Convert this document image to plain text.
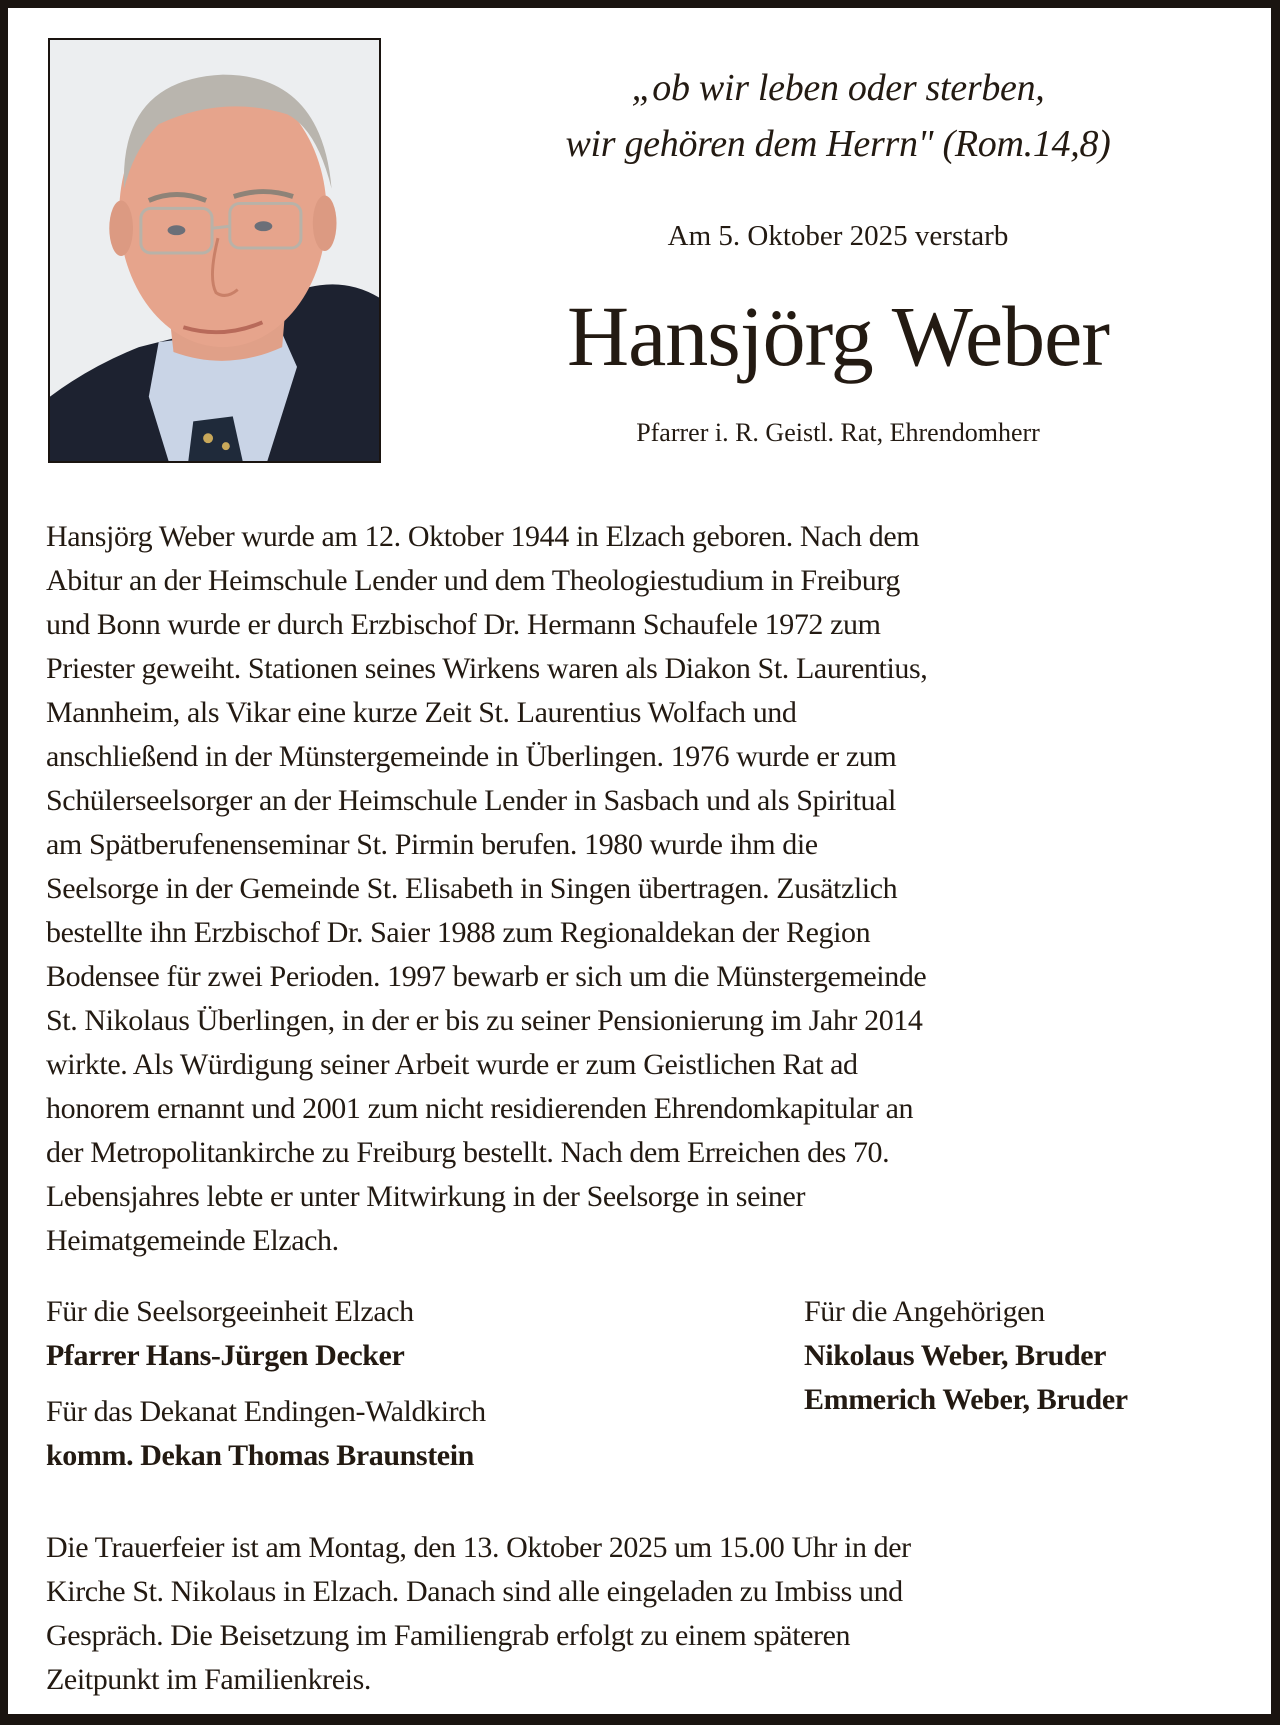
„ob wir leben oder sterben,
wir gehören dem Herrn" (Rom.14,8)
Am 5. Oktober 2025 verstarb
Hansjörg Weber
Pfarrer i. R. Geistl. Rat, Ehrendomherr

Hansjörg Weber wurde am 12. Oktober 1944 in Elzach geboren. Nach dem

Abitur an der Heimschule Lender und dem Theologiestudium in Freiburg

und Bonn wurde er durch Erzbischof Dr. Hermann Schaufele 1972 zum

Priester geweiht. Stationen seines Wirkens waren als Diakon St. Laurentius,

Mannheim, als Vikar eine kurze Zeit St. Laurentius Wolfach und

anschließend in der Münstergemeinde in Überlingen. 1976 wurde er zum

Schülerseelsorger an der Heimschule Lender in Sasbach und als Spiritual

am Spätberufenenseminar St. Pirmin berufen. 1980 wurde ihm die

Seelsorge in der Gemeinde St. Elisabeth in Singen übertragen. Zusätzlich

bestellte ihn Erzbischof Dr. Saier 1988 zum Regionaldekan der Region

Bodensee für zwei Perioden. 1997 bewarb er sich um die Münstergemeinde

St. Nikolaus Überlingen, in der er bis zu seiner Pensionierung im Jahr 2014

wirkte. Als Würdigung seiner Arbeit wurde er zum Geistlichen Rat ad

honorem ernannt und 2001 zum nicht residierenden Ehrendomkapitular an

der Metropolitankirche zu Freiburg bestellt. Nach dem Erreichen des 70.

Lebensjahres lebte er unter Mitwirkung in der Seelsorge in seiner

Heimatgemeinde Elzach.

Für die Seelsorgeeinheit Elzach
Pfarrer Hans-Jürgen Decker
Für das Dekanat Endingen-Waldkirch
komm. Dekan Thomas Braunstein
Für die Angehörigen
Nikolaus Weber, Bruder
Emmerich Weber, Bruder

Die Trauerfeier ist am Montag, den 13. Oktober 2025 um 15.00 Uhr in der

Kirche St. Nikolaus in Elzach. Danach sind alle eingeladen zu Imbiss und

Gespräch. Die Beisetzung im Familiengrab erfolgt zu einem späteren

Zeitpunkt im Familienkreis.
